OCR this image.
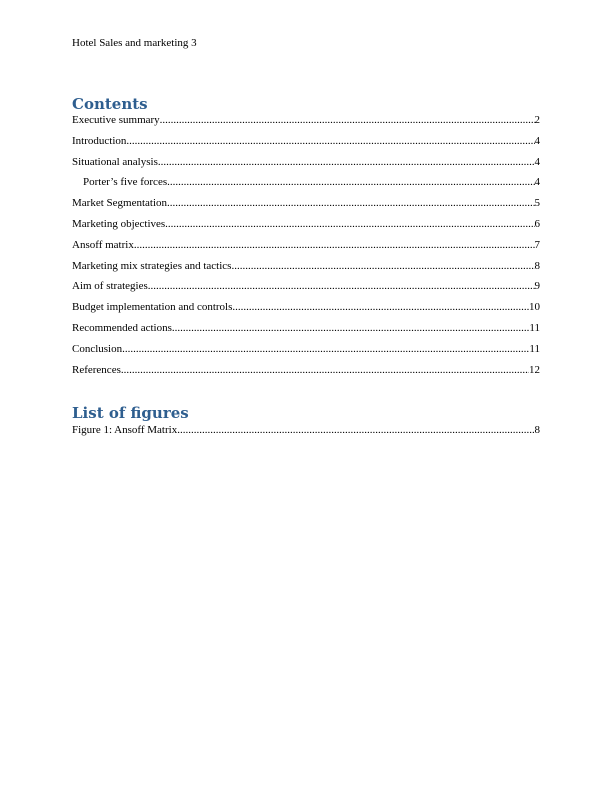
Hotel Sales and marketing 3
Contents
Executive summary .....	2
Introduction .....	4
Situational analysis .....	4
Porter’s five forces .....	4
Market Segmentation .....	5
Marketing objectives .....	6
Ansoff matrix .....	7
Marketing mix strategies and tactics .....	8
Aim of strategies .....	9
Budget implementation and controls .....	10
Recommended actions .....	11
Conclusion .....	11
References .....	12
List of figures
Figure 1: Ansoff Matrix .....	8
